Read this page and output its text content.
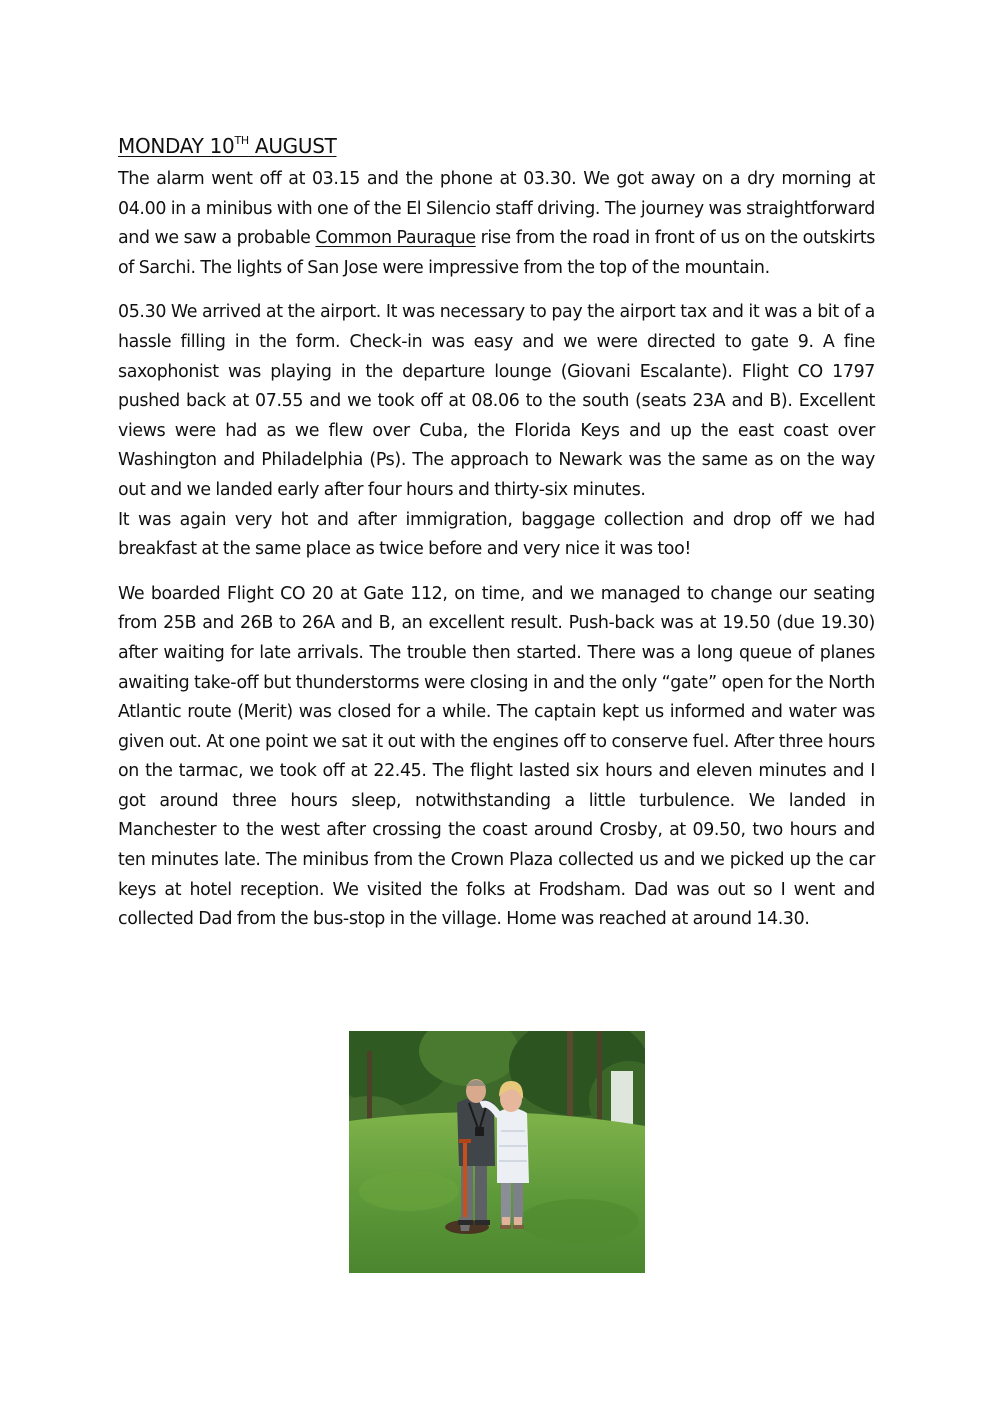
MONDAY 10TH AUGUST

The alarm went off at 03.15 and the phone at 03.30. We got away on a dry morning at 04.00 in a minibus with one of the El Silencio staff driving. The journey was straightforward and we saw a probable Common Pauraque rise from the road in front of us on the outskirts of Sarchi. The lights of San Jose were impressive from the top of the mountain.

05.30 We arrived at the airport. It was necessary to pay the airport tax and it was a bit of a hassle filling in the form. Check-in was easy and we were directed to gate 9. A fine saxophonist was playing in the departure lounge (Giovani Escalante). Flight CO 1797 pushed back at 07.55 and we took off at 08.06 to the south (seats 23A and B). Excellent views were had as we flew over Cuba, the Florida Keys and up the east coast over Washington and Philadelphia (Ps). The approach to Newark was the same as on the way out and we landed early after four hours and thirty-six minutes.
It was again very hot and after immigration, baggage collection and drop off we had breakfast at the same place as twice before and very nice it was too!

We boarded Flight CO 20 at Gate 112, on time, and we managed to change our seating from 25B and 26B to 26A and B, an excellent result. Push-back was at 19.50 (due 19.30) after waiting for late arrivals. The trouble then started. There was a long queue of planes awaiting take-off but thunderstorms were closing in and the only “gate” open for the North Atlantic route (Merit) was closed for a while. The captain kept us informed and water was given out. At one point we sat it out with the engines off to conserve fuel. After three hours on the tarmac, we took off at 22.45. The flight lasted six hours and eleven minutes and I got around three hours sleep, notwithstanding a little turbulence. We landed in Manchester to the west after crossing the coast around Crosby, at 09.50, two hours and ten minutes late. The minibus from the Crown Plaza collected us and we picked up the car keys at hotel reception. We visited the folks at Frodsham. Dad was out so I went and collected Dad from the bus-stop in the village. Home was reached at around 14.30.
